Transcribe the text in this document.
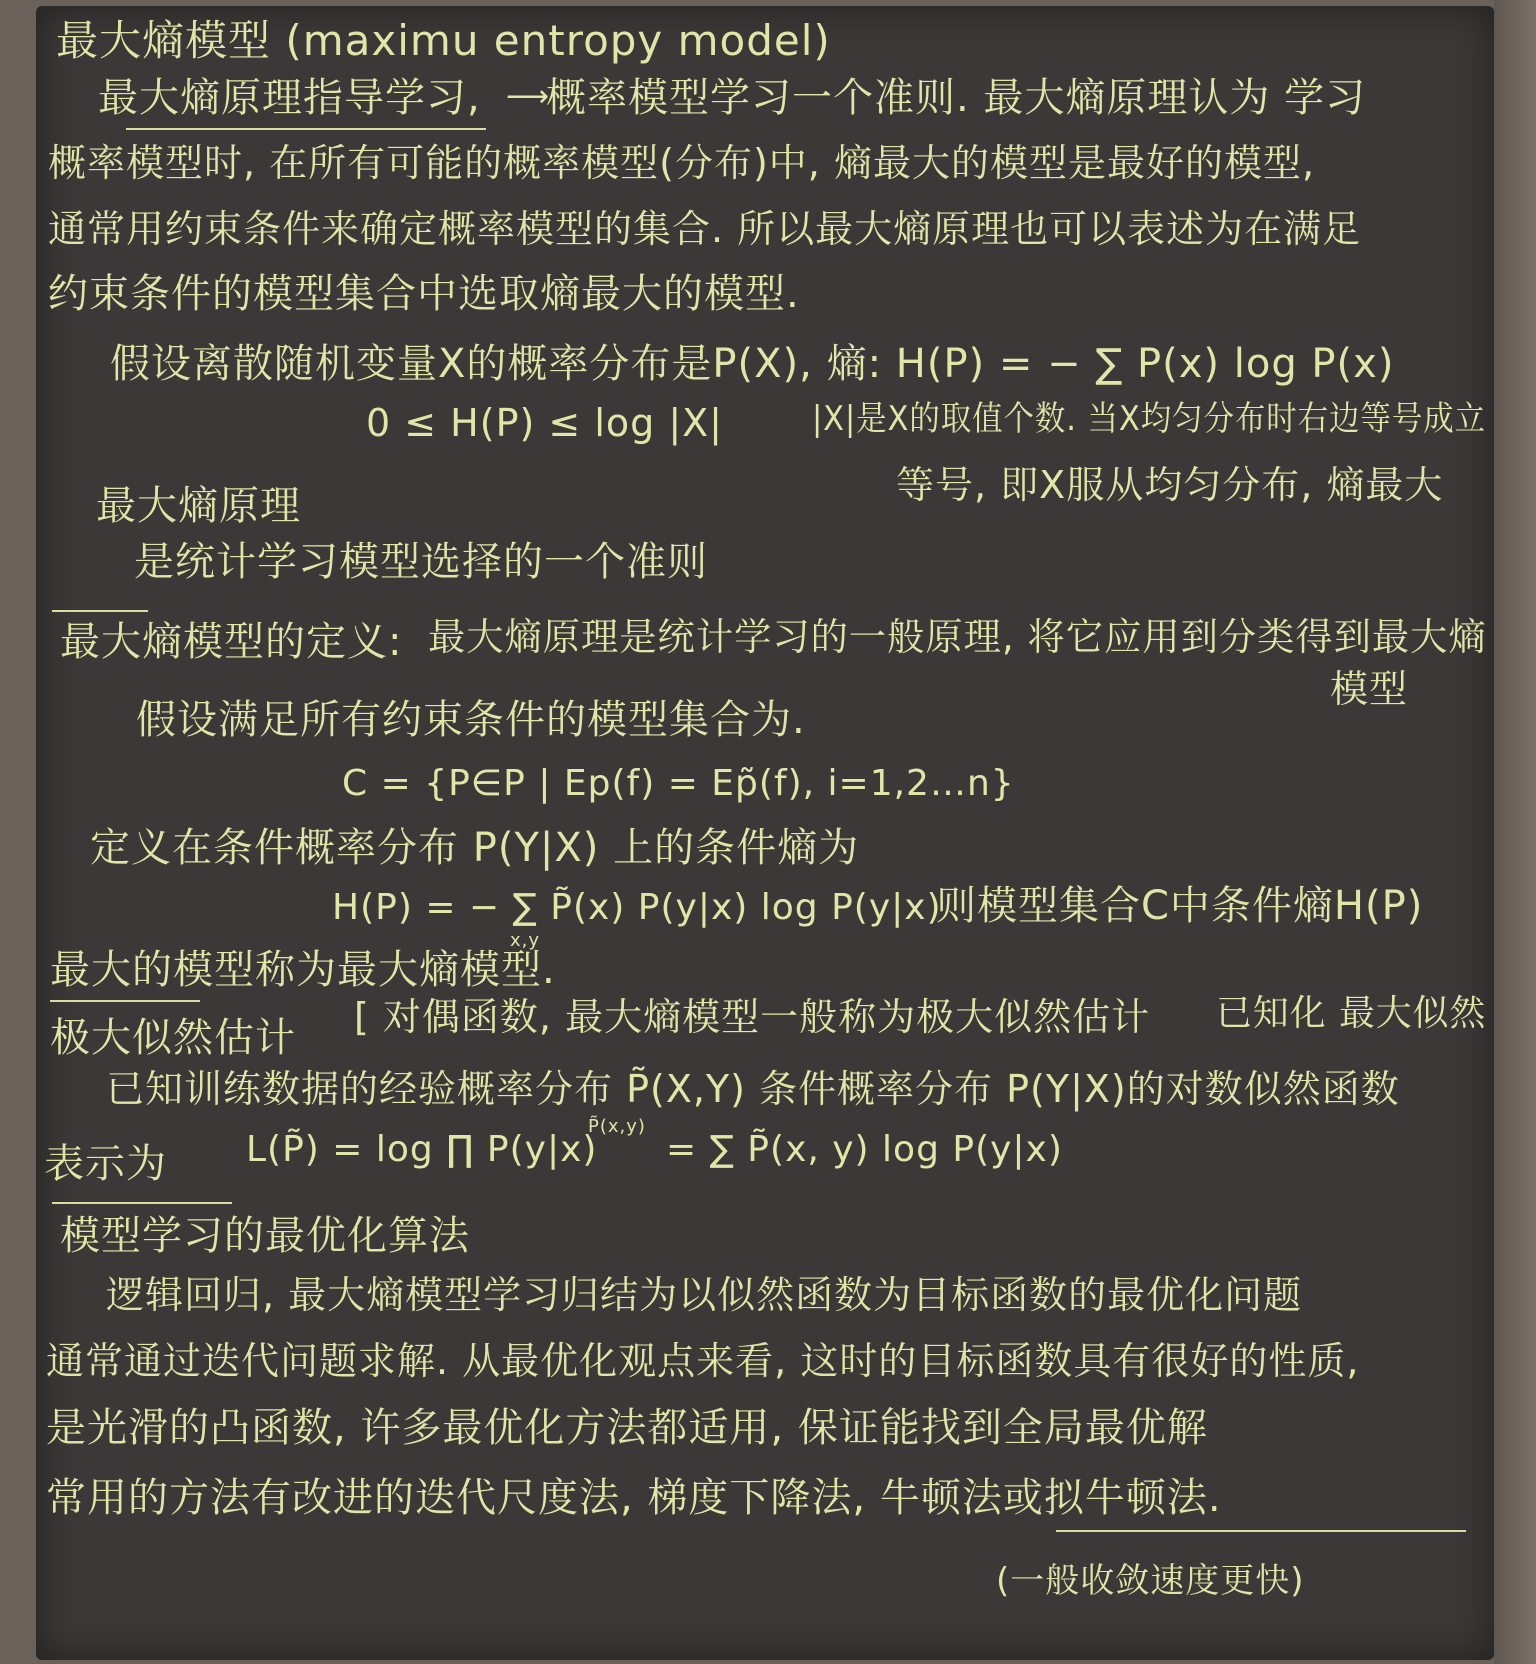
最大熵模型 (maximu entropy model)
最大熵原理指导学习, ⟶
概率模型学习一个准则. 最大熵原理认为 学习
概率模型时, 在所有可能的概率模型(分布)中, 熵最大的模型是最好的模型,
通常用约束条件来确定概率模型的集合. 所以最大熵原理也可以表述为在满足
约束条件的模型集合中选取熵最大的模型.
假设离散随机变量X的概率分布是P(X), 熵: H(P) = − ∑ P(x) log P(x)
0 ≤ H(P) ≤ log |X|	|X|是X的取值个数. 当X均匀分布时右边等号成立
等号, 即X服从均匀分布, 熵最大
最大熵原理
是统计学习模型选择的一个准则
最大熵模型的定义: 最大熵原理是统计学习的一般原理, 将它应用到分类得到最大熵
模型
假设满足所有约束条件的模型集合为.
C = {P∈P | Ep(f) = Ep̃(f), i=1,2…n}
定义在条件概率分布 P(Y|X) 上的条件熵为
H(P) = − ∑ P̃(x) P(y|x) log P(y|x)
x,y
则模型集合C中条件熵H(P)
最大的模型称为最大熵模型.
极大似然估计 [ 对偶函数, 最大熵模型一般称为极大似然估计 已知化 最大似然
已知训练数据的经验概率分布 P̃(X,Y) 条件概率分布 P(Y|X)的对数似然函数
表示为 L(P̃) = log ∏ P(y|x)
P̃(x,y)
= ∑ P̃(x, y) log P(y|x)
模型学习的最优化算法
逻辑回归, 最大熵模型学习归结为以似然函数为目标函数的最优化问题
通常通过迭代问题求解. 从最优化观点来看, 这时的目标函数具有很好的性质,
是光滑的凸函数, 许多最优化方法都适用, 保证能找到全局最优解
常用的方法有改进的迭代尺度法, 梯度下降法, 牛顿法或拟牛顿法.
(一般收敛速度更快)
